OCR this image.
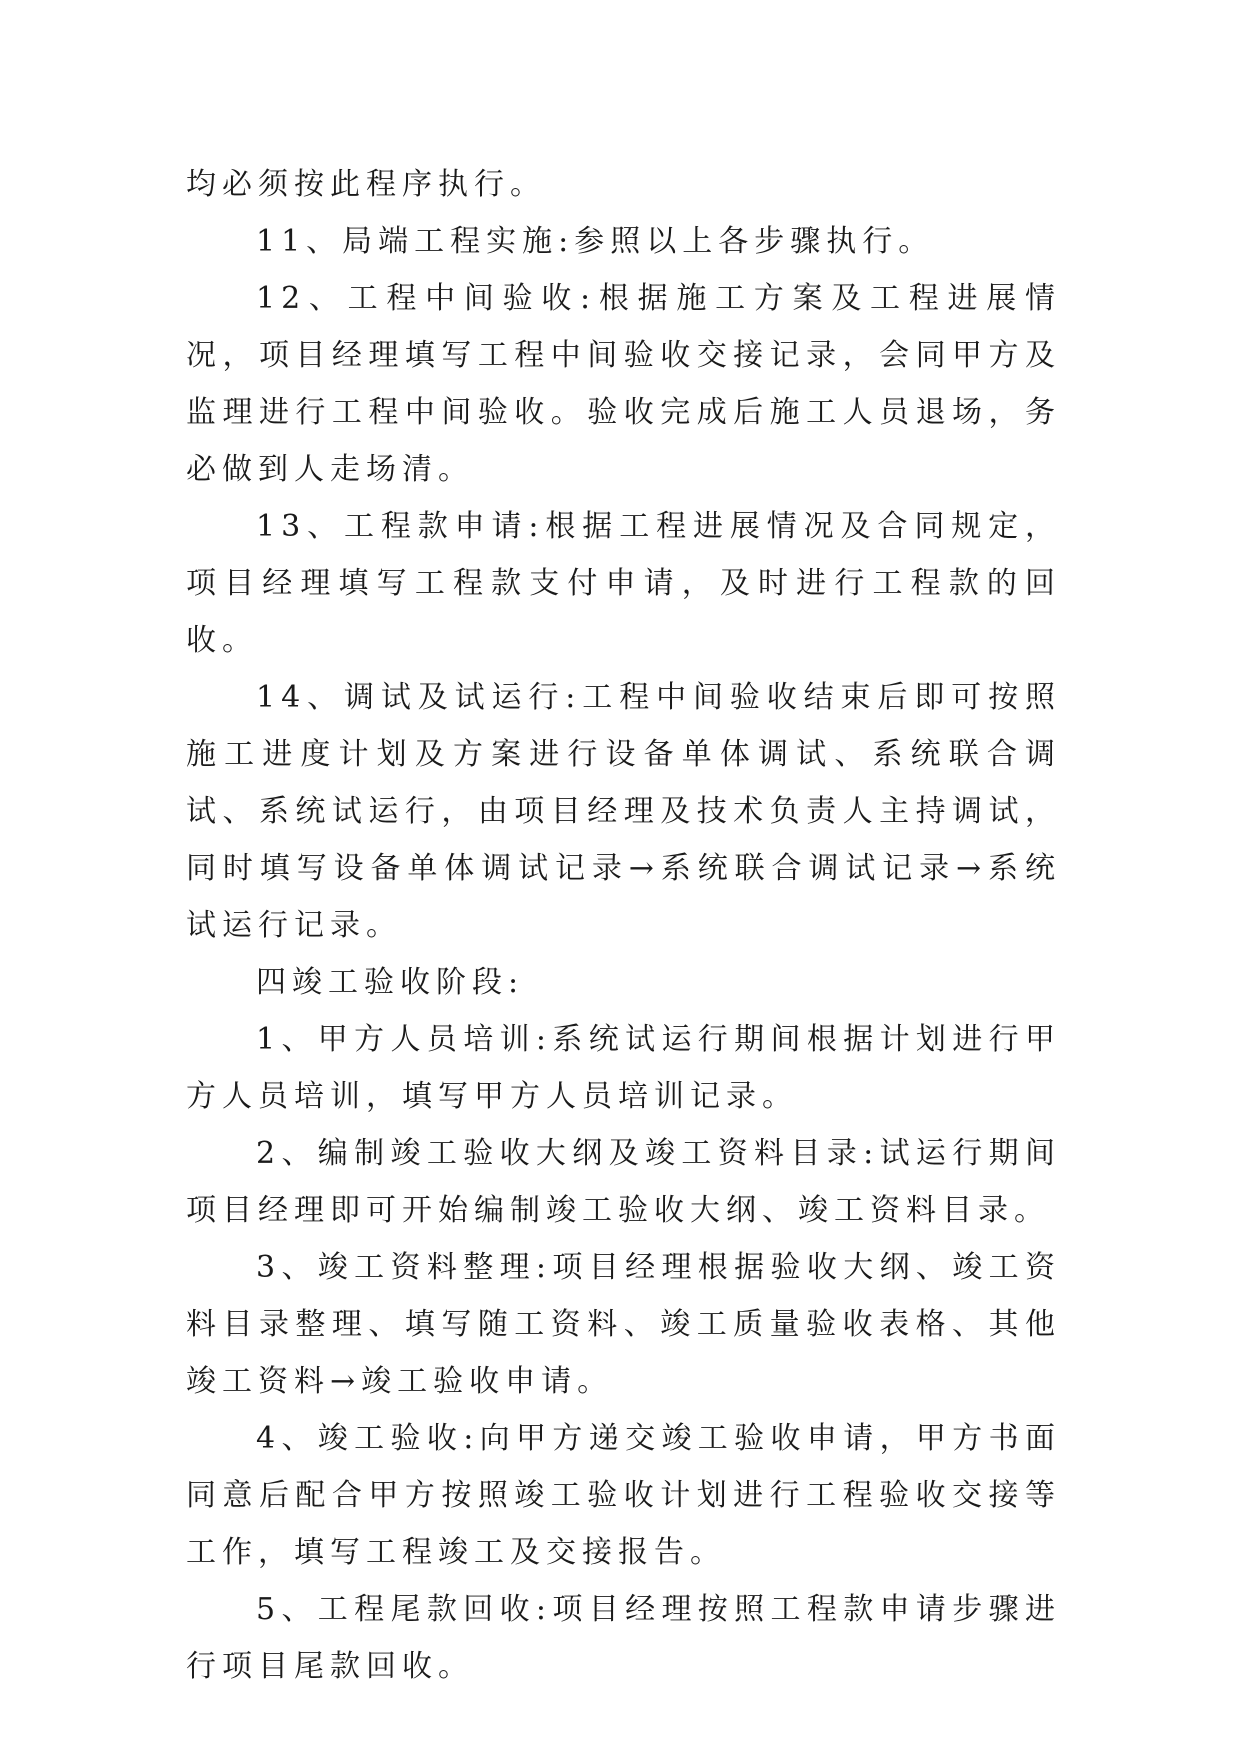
均必须按此程序执行。

11、局端工程实施:参照以上各步骤执行。

12、工程中间验收:根据施工方案及工程进展情况，项目经理填写工程中间验收交接记录，会同甲方及监理进行工程中间验收。验收完成后施工人员退场，务必做到人走场清。

13、工程款申请:根据工程进展情况及合同规定，项目经理填写工程款支付申请，及时进行工程款的回收。

14、调试及试运行:工程中间验收结束后即可按照施工进度计划及方案进行设备单体调试、系统联合调试、系统试运行，由项目经理及技术负责人主持调试，同时填写设备单体调试记录→系统联合调试记录→系统试运行记录。

四竣工验收阶段:

1、甲方人员培训:系统试运行期间根据计划进行甲方人员培训，填写甲方人员培训记录。

2、编制竣工验收大纲及竣工资料目录:试运行期间项目经理即可开始编制竣工验收大纲、竣工资料目录。

3、竣工资料整理:项目经理根据验收大纲、竣工资料目录整理、填写随工资料、竣工质量验收表格、其他竣工资料→竣工验收申请。

4、竣工验收:向甲方递交竣工验收申请，甲方书面同意后配合甲方按照竣工验收计划进行工程验收交接等工作，填写工程竣工及交接报告。

5、工程尾款回收:项目经理按照工程款申请步骤进行项目尾款回收。
